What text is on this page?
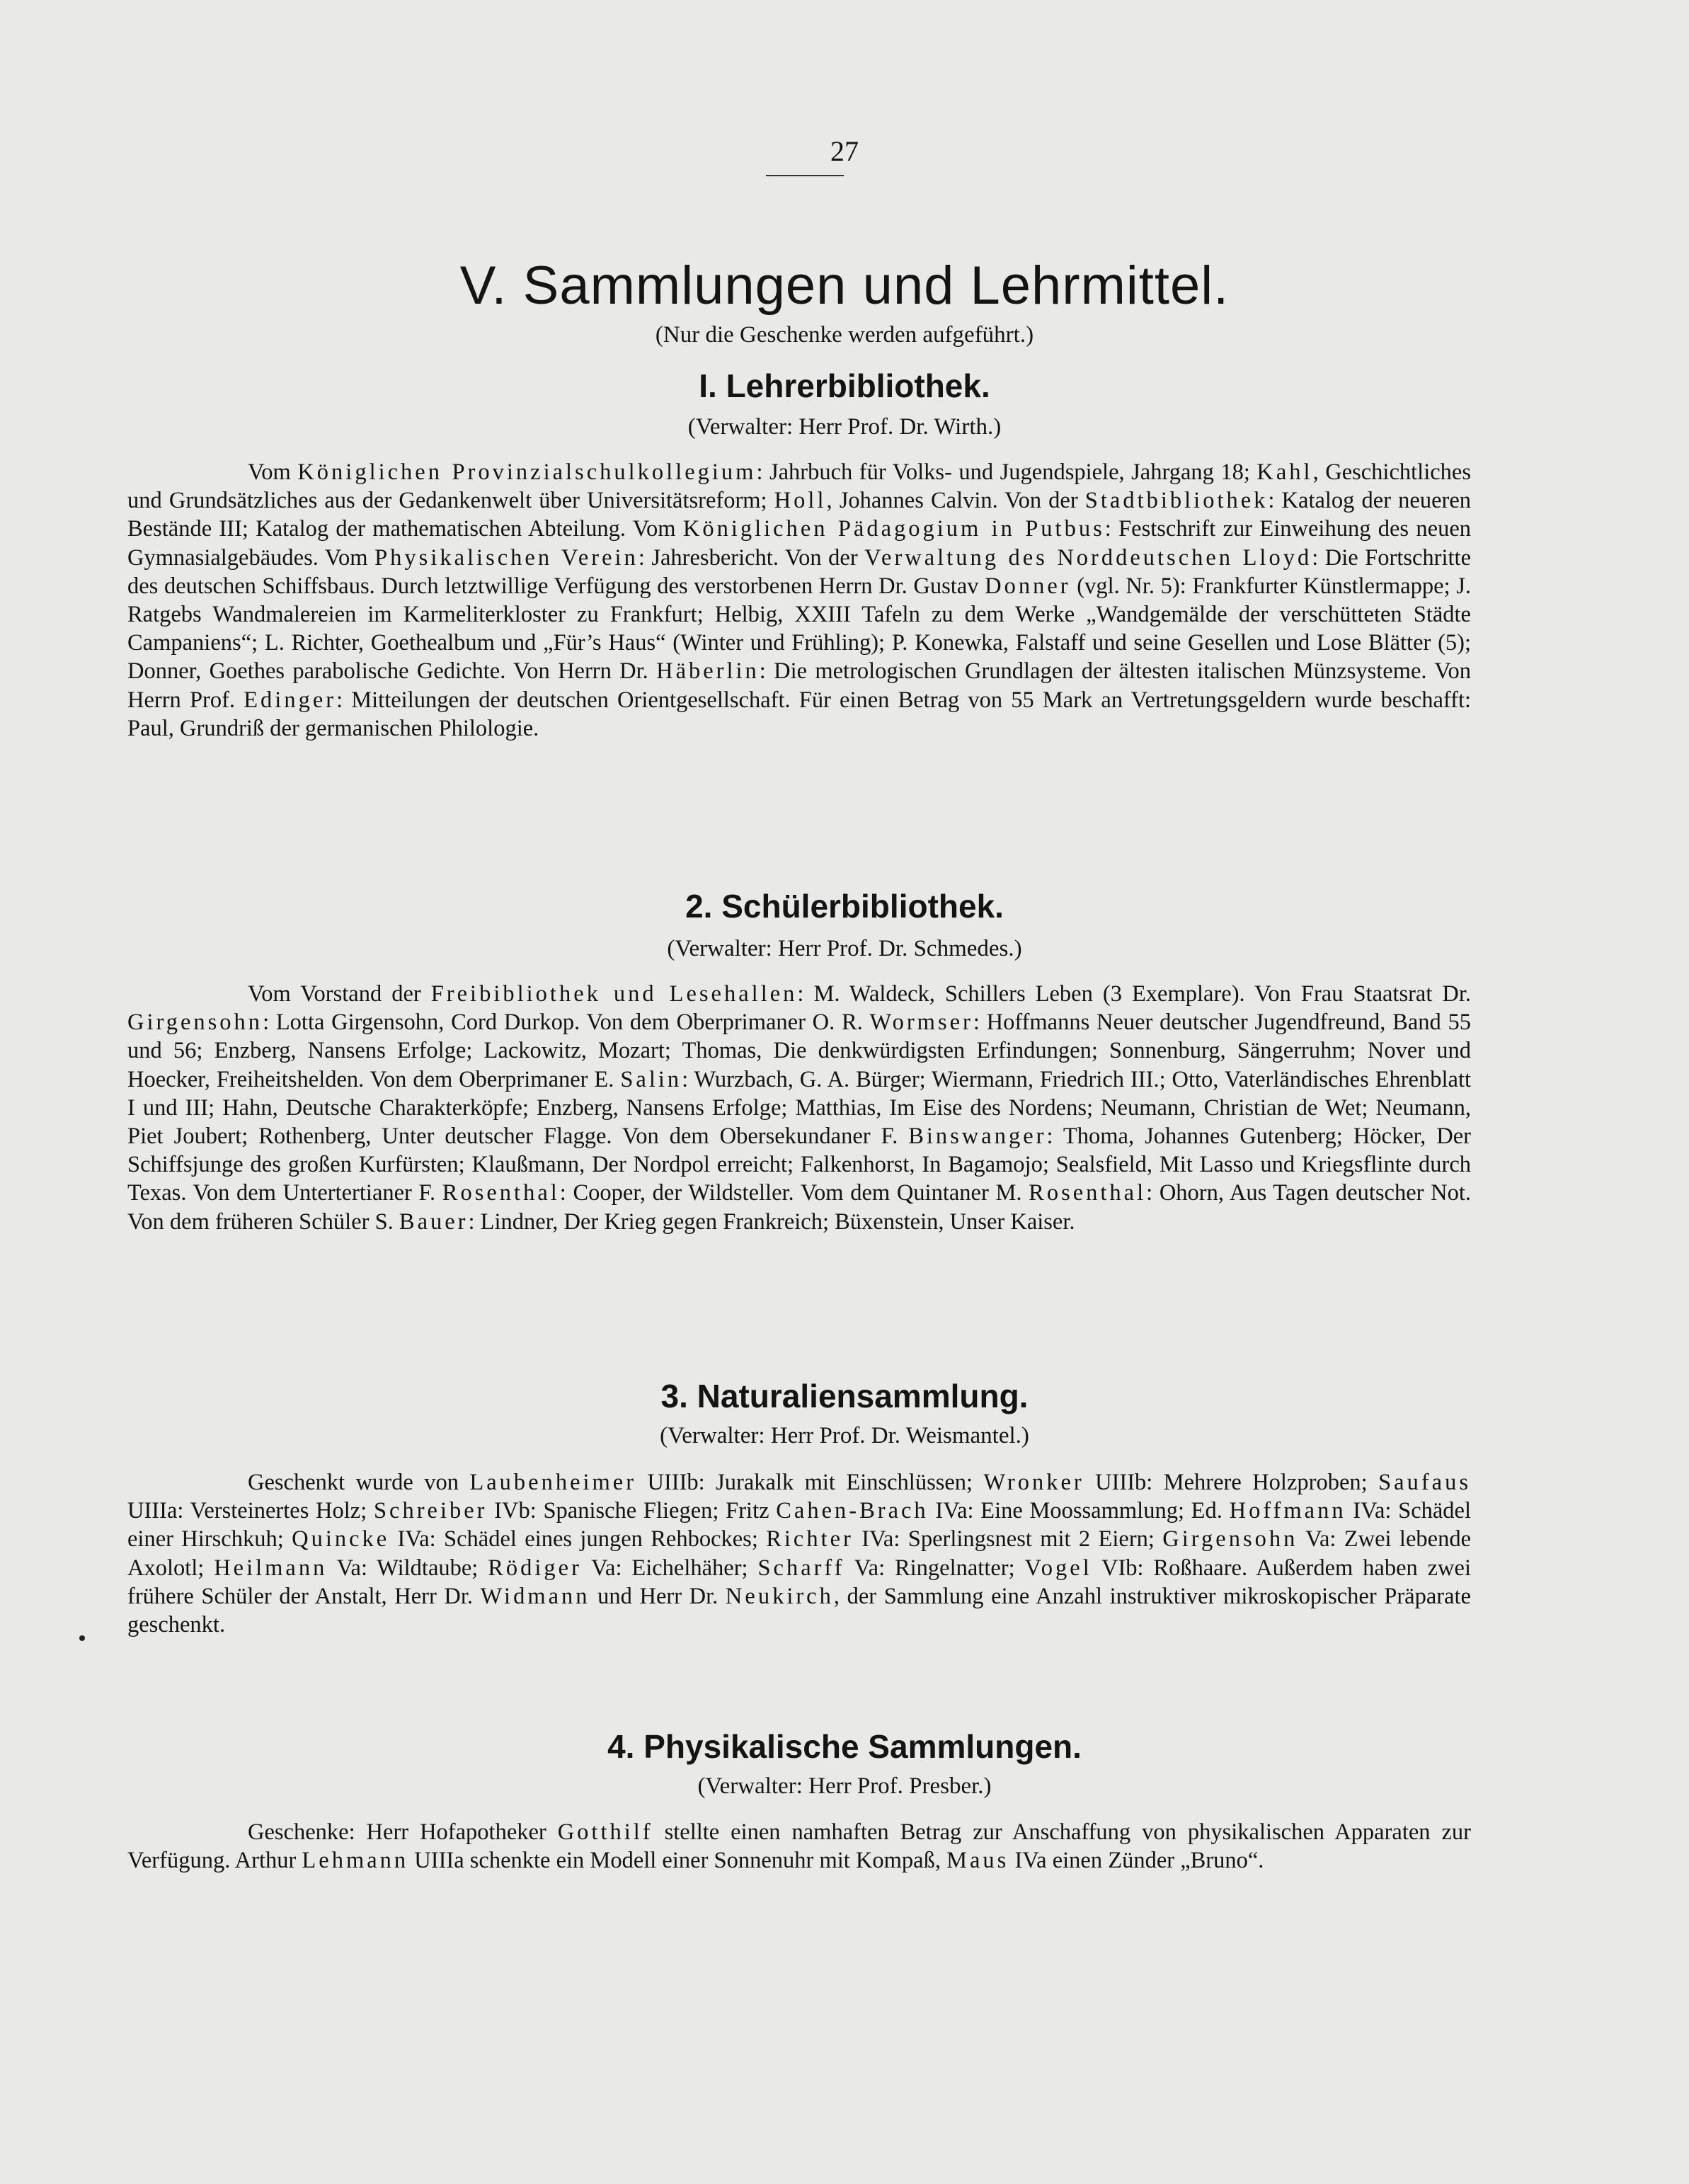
27
V. Sammlungen und Lehrmittel.
(Nur die Geschenke werden aufgeführt.)
I. Lehrerbibliothek.
(Verwalter: Herr Prof. Dr. Wirth.)
Vom Königlichen Provinzialschulkollegium: Jahrbuch für Volks- und Jugendspiele, Jahrgang 18; Kahl, Geschichtliches und Grundsätzliches aus der Gedankenwelt über Universitätsreform; Holl, Johannes Calvin. Von der Stadtbibliothek: Katalog der neueren Bestände III; Katalog der mathematischen Abteilung. Vom Königlichen Pädagogium in Putbus: Festschrift zur Einweihung des neuen Gymnasialgebäudes. Vom Physikalischen Verein: Jahresbericht. Von der Verwaltung des Norddeutschen Lloyd: Die Fortschritte des deutschen Schiffsbaus. Durch letztwillige Verfügung des verstorbenen Herrn Dr. Gustav Donner (vgl. Nr. 5): Frankfurter Künstlermappe; J. Ratgebs Wandmalereien im Karmeliterkloster zu Frankfurt; Helbig, XXIII Tafeln zu dem Werke „Wandgemälde der verschütteten Städte Campaniens“; L. Richter, Goethealbum und „Für’s Haus“ (Winter und Frühling); P. Konewka, Falstaff und seine Gesellen und Lose Blätter (5); Donner, Goethes parabolische Gedichte. Von Herrn Dr. Häberlin: Die metrologischen Grundlagen der ältesten italischen Münzsysteme. Von Herrn Prof. Edinger: Mitteilungen der deutschen Orientgesellschaft. Für einen Betrag von 55 Mark an Vertretungsgeldern wurde beschafft: Paul, Grundriß der germanischen Philologie.
2. Schülerbibliothek.
(Verwalter: Herr Prof. Dr. Schmedes.)
Vom Vorstand der Freibibliothek und Lesehallen: M. Waldeck, Schillers Leben (3 Exemplare). Von Frau Staatsrat Dr. Girgensohn: Lotta Girgensohn, Cord Durkop. Von dem Oberprimaner O. R. Wormser: Hoffmanns Neuer deutscher Jugendfreund, Band 55 und 56; Enzberg, Nansens Erfolge; Lackowitz, Mozart; Thomas, Die denkwürdigsten Erfindungen; Sonnenburg, Sängerruhm; Nover und Hoecker, Freiheitshelden. Von dem Oberprimaner E. Salin: Wurzbach, G. A. Bürger; Wiermann, Friedrich III.; Otto, Vaterländisches Ehrenblatt I und III; Hahn, Deutsche Charakterköpfe; Enzberg, Nansens Erfolge; Matthias, Im Eise des Nordens; Neumann, Christian de Wet; Neumann, Piet Joubert; Rothenberg, Unter deutscher Flagge. Von dem Obersekundaner F. Binswanger: Thoma, Johannes Gutenberg; Höcker, Der Schiffsjunge des großen Kurfürsten; Klaußmann, Der Nordpol erreicht; Falkenhorst, In Bagamojo; Sealsfield, Mit Lasso und Kriegsflinte durch Texas. Von dem Untertertianer F. Rosenthal: Cooper, der Wildsteller. Vom dem Quintaner M. Rosenthal: Ohorn, Aus Tagen deutscher Not. Von dem früheren Schüler S. Bauer: Lindner, Der Krieg gegen Frankreich; Büxenstein, Unser Kaiser.
3. Naturaliensammlung.
(Verwalter: Herr Prof. Dr. Weismantel.)
Geschenkt wurde von Laubenheimer UIIIb: Jurakalk mit Einschlüssen; Wronker UIIIb: Mehrere Holzproben; Saufaus UIIIa: Versteinertes Holz; Schreiber IVb: Spanische Fliegen; Fritz Cahen-Brach IVa: Eine Moossammlung; Ed. Hoffmann IVa: Schädel einer Hirschkuh; Quincke IVa: Schädel eines jungen Rehbockes; Richter IVa: Sperlingsnest mit 2 Eiern; Girgensohn Va: Zwei lebende Axolotl; Heilmann Va: Wildtaube; Rödiger Va: Eichelhäher; Scharff Va: Ringelnatter; Vogel VIb: Roßhaare. Außerdem haben zwei frühere Schüler der Anstalt, Herr Dr. Widmann und Herr Dr. Neukirch, der Sammlung eine Anzahl instruktiver mikroskopischer Präparate geschenkt.
4. Physikalische Sammlungen.
(Verwalter: Herr Prof. Presber.)
Geschenke: Herr Hofapotheker Gotthilf stellte einen namhaften Betrag zur Anschaffung von physikalischen Apparaten zur Verfügung. Arthur Lehmann UIIIa schenkte ein Modell einer Sonnenuhr mit Kompaß, Maus IVa einen Zünder „Bruno“.
